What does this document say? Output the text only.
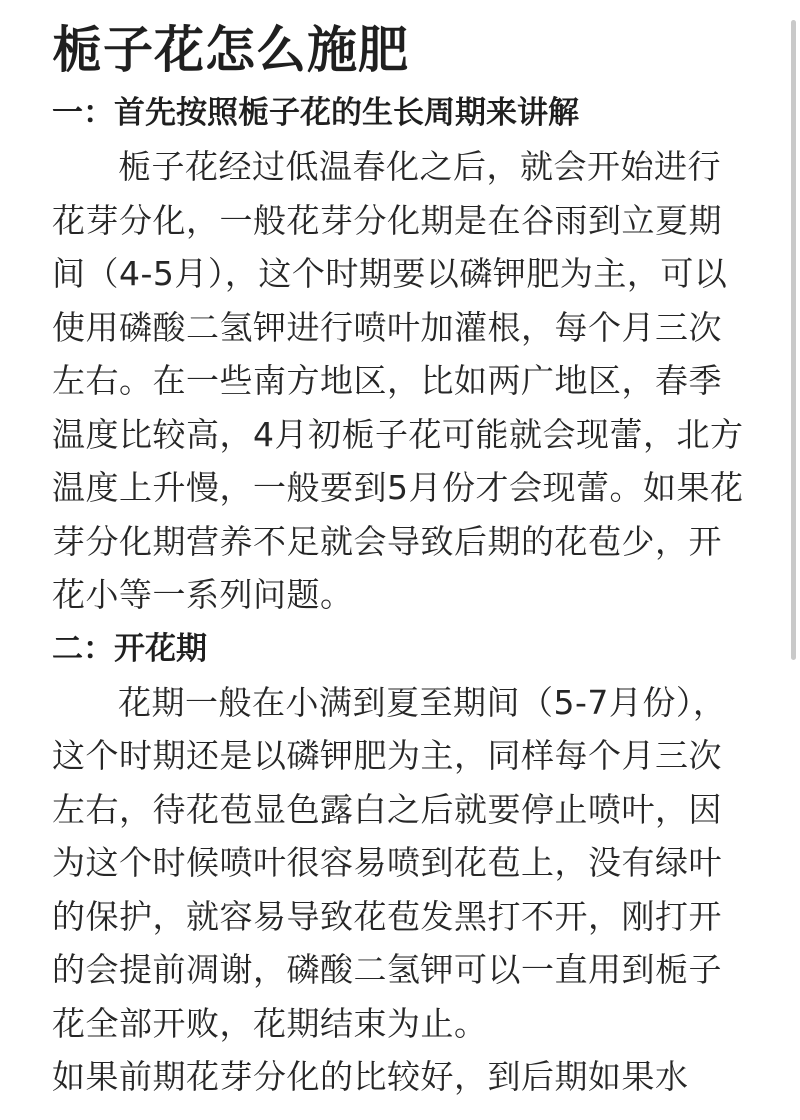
栀子花怎么施肥
一：首先按照栀子花的生长周期来讲解

栀子花经过低温春化之后，就会开始进行花芽分化，一般花芽分化期是在谷雨到立夏期间（4-5月），这个时期要以磷钾肥为主，可以使用磷酸二氢钾进行喷叶加灌根，每个月三次左右。在一些南方地区，比如两广地区，春季温度比较高，4月初栀子花可能就会现蕾，北方温度上升慢，一般要到5月份才会现蕾。如果花芽分化期营养不足就会导致后期的花苞少，开花小等一系列问题。

二：开花期

花期一般在小满到夏至期间（5-7月份），这个时期还是以磷钾肥为主，同样每个月三次左右，待花苞显色露白之后就要停止喷叶，因为这个时候喷叶很容易喷到花苞上，没有绿叶的保护，就容易导致花苞发黑打不开，刚打开的会提前凋谢，磷酸二氢钾可以一直用到栀子花全部开败，花期结束为止。

如果前期花芽分化的比较好，到后期如果水
